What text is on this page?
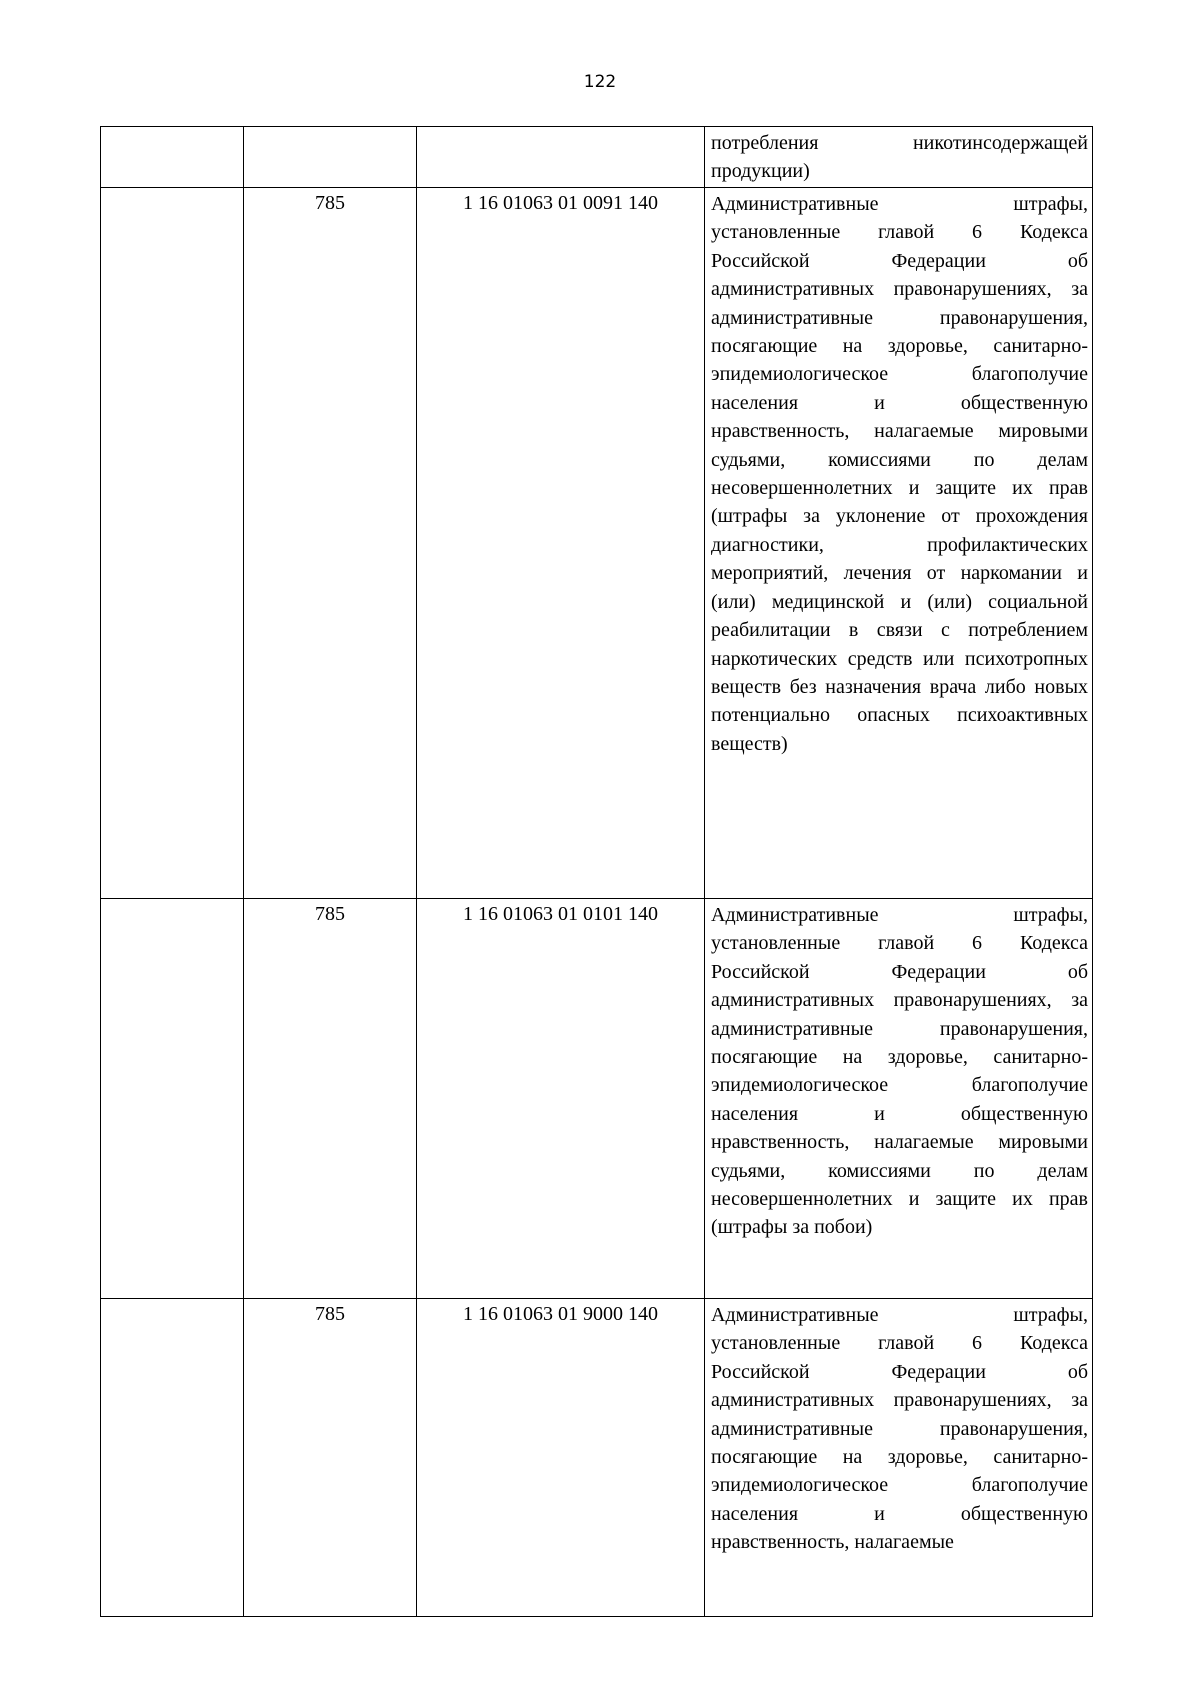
122

			потребления никотинсодержащей продукции)

	785	1 16 01063 01 0091 140	Административные штрафы, установленные главой 6 Кодекса Российской Федерации об административных правонарушениях, за административные правонарушения, посягающие на здоровье, санитарно-эпидемиологическое благополучие населения и общественную нравственность, налагаемые мировыми судьями, комиссиями по делам несовершеннолетних и защите их прав (штрафы за уклонение от прохождения диагностики, профилактических мероприятий, лечения от наркомании и (или) медицинской и (или) социальной реабилитации в связи с потреблением наркотических средств или психотропных веществ без назначения врача либо новых потенциально опасных психоактивных веществ)

	785	1 16 01063 01 0101 140	Административные штрафы, установленные главой 6 Кодекса Российской Федерации об административных правонарушениях, за административные правонарушения, посягающие на здоровье, санитарно-эпидемиологическое благополучие населения и общественную нравственность, налагаемые мировыми судьями, комиссиями по делам несовершеннолетних и защите их прав (штрафы за побои)

	785	1 16 01063 01 9000 140	Административные штрафы, установленные главой 6 Кодекса Российской Федерации об административных правонарушениях, за административные правонарушения, посягающие на здоровье, санитарно-эпидемиологическое благополучие населения и общественную нравственность, налагаемые
